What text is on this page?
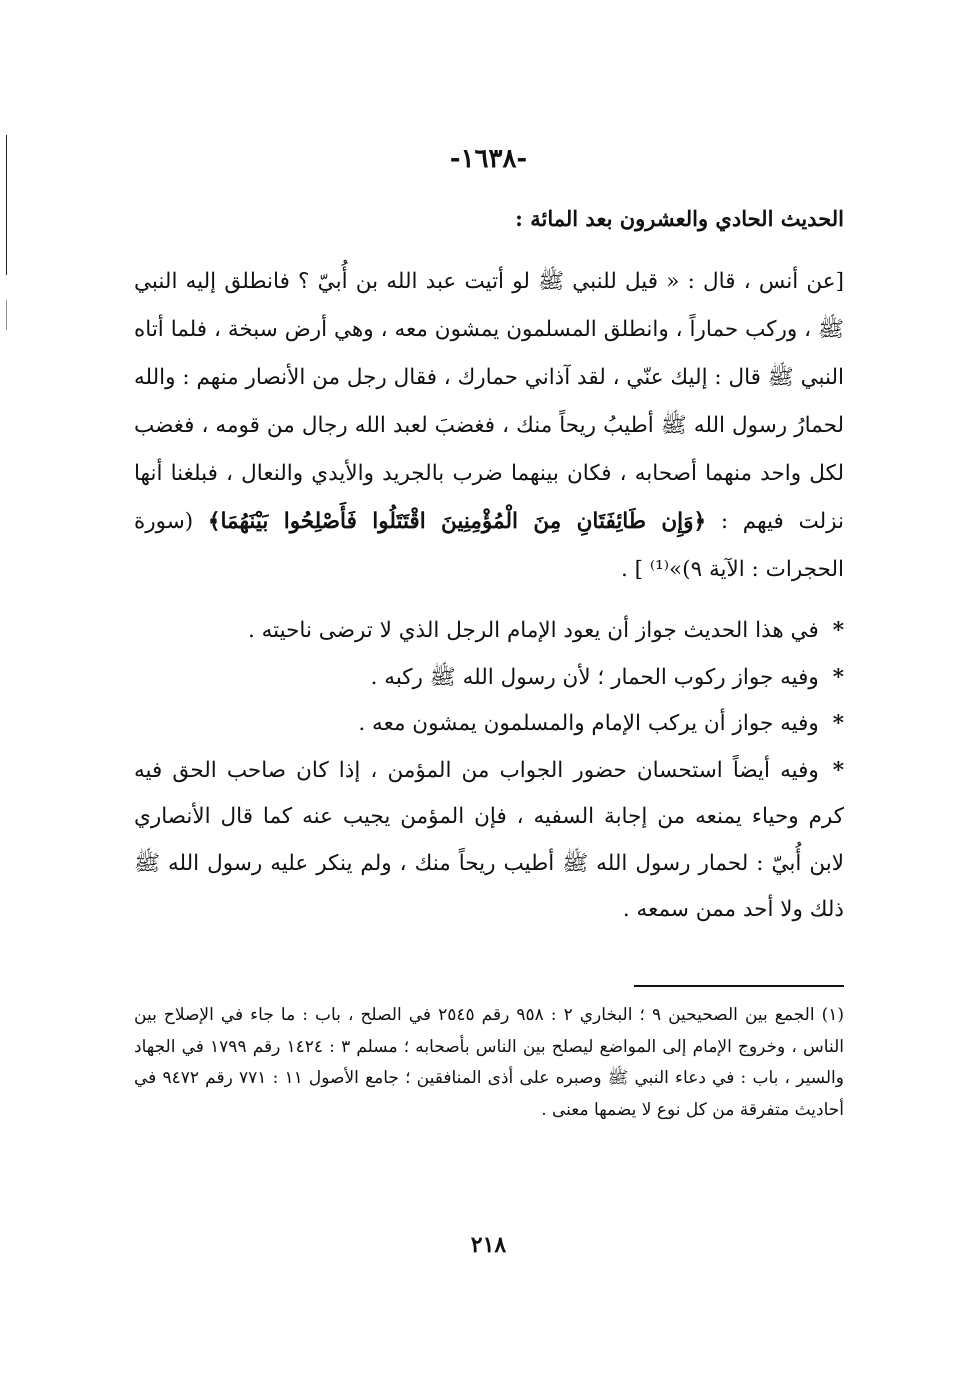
-١٦٣٨-
الحديث الحادي والعشرون بعد المائة :

[عن أنس ، قال : « قيل للنبي ﷺ لو أتيت عبد الله بن أُبيّ ؟ فانطلق إليه النبي ﷺ ، وركب حماراً ، وانطلق المسلمون يمشون معه ، وهي أرض سبخة ، فلما أتاه النبي ﷺ قال : إليك عنّي ، لقد آذاني حمارك ، فقال رجل من الأنصار منهم : والله لحمارُ رسول الله ﷺ أطيبُ ريحاً منك ، فغضبَ لعبد الله رجال من قومه ، فغضب لكل واحد منهما أصحابه ، فكان بينهما ضرب بالجريد والأيدي والنعال ، فبلغنا أنها نزلت فيهم : ﴿وَإِن طَائِفَتَانِ مِنَ الْمُؤْمِنِينَ اقْتَتَلُوا فَأَصْلِحُوا بَيْنَهُمَا﴾ (سورة الحجرات : الآية ٩)»⁽¹⁾ ] .

*في هذا الحديث جواز أن يعود الإمام الرجل الذي لا ترضى ناحيته .

*وفيه جواز ركوب الحمار ؛ لأن رسول الله ﷺ ركبه .

*وفيه جواز أن يركب الإمام والمسلمون يمشون معه .

*وفيه أيضاً استحسان حضور الجواب من المؤمن ، إذا كان صاحب الحق فيه كرم وحياء يمنعه من إجابة السفيه ، فإن المؤمن يجيب عنه كما قال الأنصاري لابن أُبيّ : لحمار رسول الله ﷺ أطيب ريحاً منك ، ولم ينكر عليه رسول الله ﷺ ذلك ولا أحد ممن سمعه .

(١) الجمع بين الصحيحين ٩ ؛ البخاري ٢ : ٩٥٨ رقم ٢٥٤٥ في الصلح ، باب : ما جاء في الإصلاح بين الناس ، وخروج الإمام إلى المواضع ليصلح بين الناس بأصحابه ؛ مسلم ٣ : ١٤٢٤ رقم ١٧٩٩ في الجهاد والسير ، باب : في دعاء النبي ﷺ وصبره على أذى المنافقين ؛ جامع الأصول ١١ : ٧٧١ رقم ٩٤٧٢ في أحاديث متفرقة من كل نوع لا يضمها معنى .
٢١٨
